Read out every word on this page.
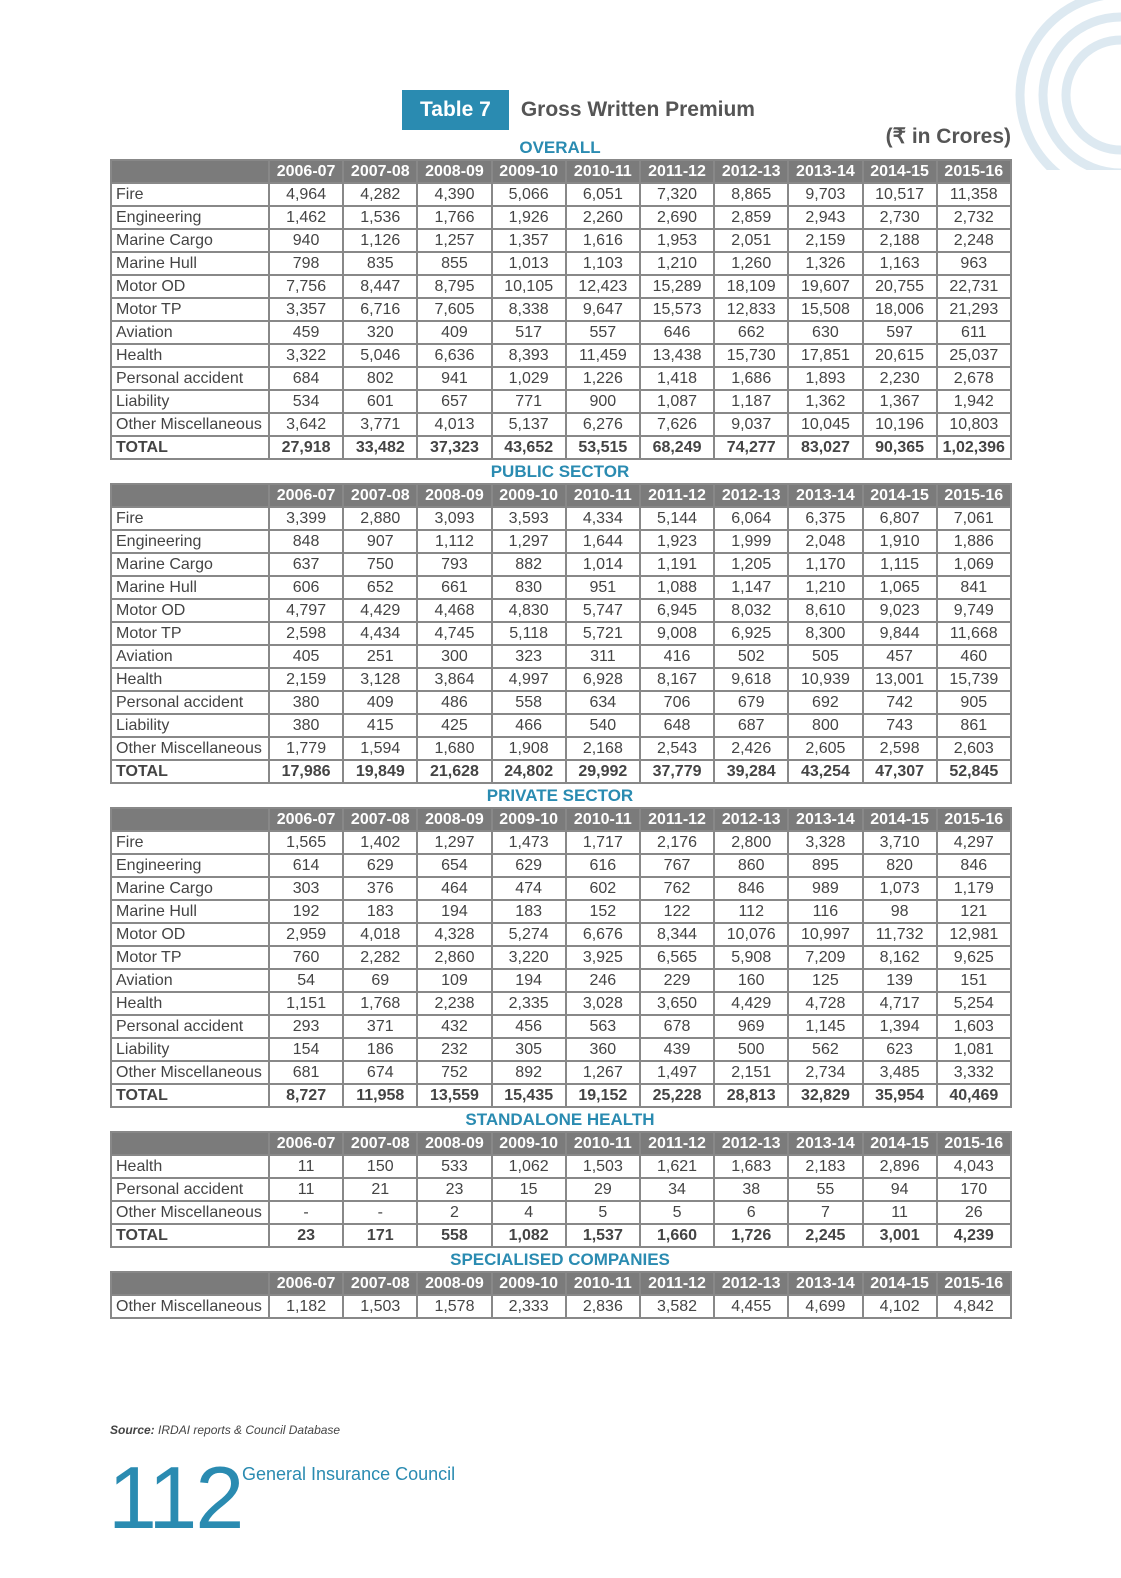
Table 7	Gross Written Premium
(₹ in Crores)
OVERALL
	2006-07	2007-08	2008-09	2009-10	2010-11	2011-12	2012-13	2013-14	2014-15	2015-16
Fire	4,964	4,282	4,390	5,066	6,051	7,320	8,865	9,703	10,517	11,358
Engineering	1,462	1,536	1,766	1,926	2,260	2,690	2,859	2,943	2,730	2,732
Marine Cargo	940	1,126	1,257	1,357	1,616	1,953	2,051	2,159	2,188	2,248
Marine Hull	798	835	855	1,013	1,103	1,210	1,260	1,326	1,163	963
Motor OD	7,756	8,447	8,795	10,105	12,423	15,289	18,109	19,607	20,755	22,731
Motor TP	3,357	6,716	7,605	8,338	9,647	15,573	12,833	15,508	18,006	21,293
Aviation	459	320	409	517	557	646	662	630	597	611
Health	3,322	5,046	6,636	8,393	11,459	13,438	15,730	17,851	20,615	25,037
Personal accident	684	802	941	1,029	1,226	1,418	1,686	1,893	2,230	2,678
Liability	534	601	657	771	900	1,087	1,187	1,362	1,367	1,942
Other Miscellaneous	3,642	3,771	4,013	5,137	6,276	7,626	9,037	10,045	10,196	10,803
TOTAL	27,918	33,482	37,323	43,652	53,515	68,249	74,277	83,027	90,365	1,02,396
PUBLIC SECTOR
	2006-07	2007-08	2008-09	2009-10	2010-11	2011-12	2012-13	2013-14	2014-15	2015-16
Fire	3,399	2,880	3,093	3,593	4,334	5,144	6,064	6,375	6,807	7,061
Engineering	848	907	1,112	1,297	1,644	1,923	1,999	2,048	1,910	1,886
Marine Cargo	637	750	793	882	1,014	1,191	1,205	1,170	1,115	1,069
Marine Hull	606	652	661	830	951	1,088	1,147	1,210	1,065	841
Motor OD	4,797	4,429	4,468	4,830	5,747	6,945	8,032	8,610	9,023	9,749
Motor TP	2,598	4,434	4,745	5,118	5,721	9,008	6,925	8,300	9,844	11,668
Aviation	405	251	300	323	311	416	502	505	457	460
Health	2,159	3,128	3,864	4,997	6,928	8,167	9,618	10,939	13,001	15,739
Personal accident	380	409	486	558	634	706	679	692	742	905
Liability	380	415	425	466	540	648	687	800	743	861
Other Miscellaneous	1,779	1,594	1,680	1,908	2,168	2,543	2,426	2,605	2,598	2,603
TOTAL	17,986	19,849	21,628	24,802	29,992	37,779	39,284	43,254	47,307	52,845
PRIVATE SECTOR
	2006-07	2007-08	2008-09	2009-10	2010-11	2011-12	2012-13	2013-14	2014-15	2015-16
Fire	1,565	1,402	1,297	1,473	1,717	2,176	2,800	3,328	3,710	4,297
Engineering	614	629	654	629	616	767	860	895	820	846
Marine Cargo	303	376	464	474	602	762	846	989	1,073	1,179
Marine Hull	192	183	194	183	152	122	112	116	98	121
Motor OD	2,959	4,018	4,328	5,274	6,676	8,344	10,076	10,997	11,732	12,981
Motor TP	760	2,282	2,860	3,220	3,925	6,565	5,908	7,209	8,162	9,625
Aviation	54	69	109	194	246	229	160	125	139	151
Health	1,151	1,768	2,238	2,335	3,028	3,650	4,429	4,728	4,717	5,254
Personal accident	293	371	432	456	563	678	969	1,145	1,394	1,603
Liability	154	186	232	305	360	439	500	562	623	1,081
Other Miscellaneous	681	674	752	892	1,267	1,497	2,151	2,734	3,485	3,332
TOTAL	8,727	11,958	13,559	15,435	19,152	25,228	28,813	32,829	35,954	40,469
STANDALONE HEALTH
	2006-07	2007-08	2008-09	2009-10	2010-11	2011-12	2012-13	2013-14	2014-15	2015-16
Health	11	150	533	1,062	1,503	1,621	1,683	2,183	2,896	4,043
Personal accident	11	21	23	15	29	34	38	55	94	170
Other Miscellaneous	-	-	2	4	5	5	6	7	11	26
TOTAL	23	171	558	1,082	1,537	1,660	1,726	2,245	3,001	4,239
SPECIALISED COMPANIES
	2006-07	2007-08	2008-09	2009-10	2010-11	2011-12	2012-13	2013-14	2014-15	2015-16
Other Miscellaneous	1,182	1,503	1,578	2,333	2,836	3,582	4,455	4,699	4,102	4,842
Source: IRDAI reports & Council Database
112 General Insurance Council
